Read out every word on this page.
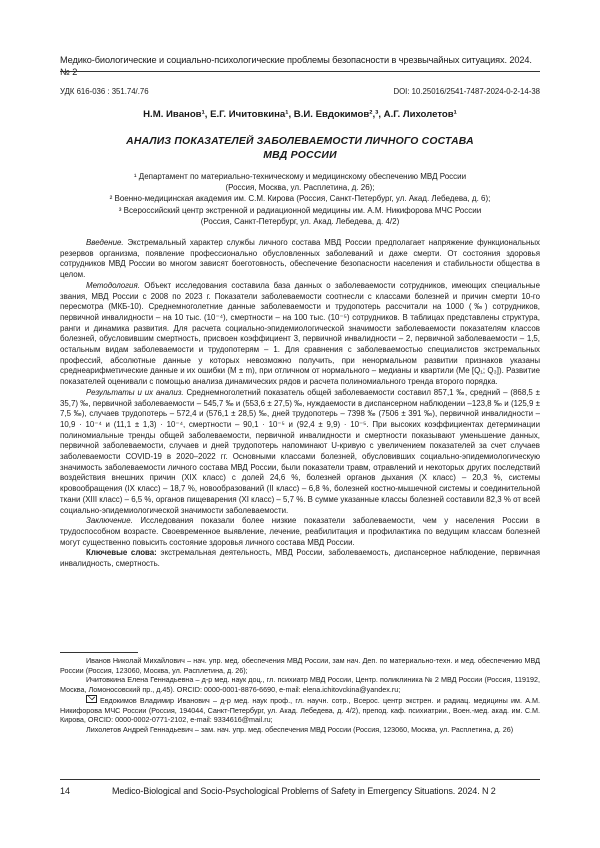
Медико-биологические и социально-психологические проблемы безопасности в чрезвычайных ситуациях. 2024. № 2
УДК 616-036 : 351.74/.76	DOI: 10.25016/2541-7487-2024-0-2-14-38
Н.М. Иванов¹, Е.Г. Ичитовкина¹, В.И. Евдокимов²,³, А.Г. Лихолетов¹
АНАЛИЗ ПОКАЗАТЕЛЕЙ ЗАБОЛЕВАЕМОСТИ ЛИЧНОГО СОСТАВА
МВД РОССИИ

¹ Департамент по материально-техническому и медицинскому обеспечению МВД России

(Россия, Москва, ул. Расплетина, д. 26);

² Военно-медицинская академия им. С.М. Кирова (Россия, Санкт-Петербург, ул. Акад. Лебедева, д. 6);

³ Всероссийский центр экстренной и радиационной медицины им. А.М. Никифорова МЧС России

(Россия, Санкт-Петербург, ул. Акад. Лебедева, д. 4/2)

Введение. Экстремальный характер службы личного состава МВД России предполагает напряжение функциональных резервов организма, появление профессионально обусловленных заболеваний и даже смерти. От состояния здоровья сотрудников МВД России во многом зависят боеготовность, обеспечение безопасности населения и стабильности общества в целом.

Методология. Объект исследования составила база данных о заболеваемости сотрудников, имеющих специальные звания, МВД России с 2008 по 2023 г. Показатели заболеваемости соотнесли с классами болезней и причин смерти 10-го пересмотра (МКБ-10). Среднемноголетние данные заболеваемости и трудопотерь рассчитали на 1000 (‰) сотрудников, первичной инвалидности – на 10 тыс. (10⁻⁴), смертности – на 100 тыс. (10⁻⁵) сотрудников. В таблицах представлены структура, ранги и динамика развития. Для расчета социально-эпидемиологической значимости заболеваемости показателям классов болезней, обусловившим смертность, присвоен коэффициент 3, первичной инвалидности – 2, первичной заболеваемости – 1,5, остальным видам заболеваемости и трудопотерям – 1. Для сравнения с заболеваемостью специалистов экстремальных профессий, абсолютные данные у которых невозможно получить, при ненормальном развитии признаков указаны среднеарифметические данные и их ошибки (M ± m), при отличном от нормального – медианы и квартили (Me [Q₁; Q₃]). Развитие показателей оценивали с помощью анализа динамических рядов и расчета полиномиального тренда второго порядка.

Результаты и их анализ. Среднемноголетний показатель общей заболеваемости составил 857,1 ‰, средний – (868,5 ± 35,7) ‰, первичной заболеваемости – 545,7 ‰ и (553,6 ± 27,5) ‰, нуждаемости в диспансерном наблюдении –123,8 ‰ и (125,9 ± 7,5 ‰), случаев трудопотерь – 572,4 и (576,1 ± 28,5) ‰, дней трудопотерь – 7398 ‰ (7506 ± 391 ‰), первичной инвалидности – 10,9 · 10⁻⁴ и (11,1 ± 1,3) · 10⁻⁴, смертности – 90,1 · 10⁻⁵ и (92,4 ± 9,9) · 10⁻⁵. При высоких коэффициентах детерминации полиномиальные тренды общей заболеваемости, первичной инвалидности и смертности показывают уменьшение данных, первичной заболеваемости, случаев и дней трудопотерь напоминают U-кривую с увеличением показателей за счет случаев заболеваемости COVID-19 в 2020–2022 гг. Основными классами болезней, обусловивших социально-эпидемиологическую значимость заболеваемости личного состава МВД России, были показатели травм, отравлений и некоторых других последствий воздействия внешних причин (XIX класс) с долей 24,6 %, болезней органов дыхания (X класс) – 20,3 %, системы кровообращения (IX класс) – 18,7 %, новообразований (II класс) – 6,8 %, болезней костно-мышечной системы и соединительной ткани (XIII класс) – 6,5 %, органов пищеварения (XI класс) – 5,7 %. В сумме указанные классы болезней составили 82,3 % от всей социально-эпидемиологической значимости заболеваемости.

Заключение. Исследования показали более низкие показатели заболеваемости, чем у населения России в трудоспособном возрасте. Своевременное выявление, лечение, реабилитация и профилактика по ведущим классам болезней могут существенно повысить состояние здоровья личного состава МВД России.

Ключевые слова: экстремальная деятельность, МВД России, заболеваемость, диспансерное наблюдение, первичная инвалидность, смертность.

Иванов Николай Михайлович – нач. упр. мед. обеспечения МВД России, зам нач. Деп. по материально-техн. и мед. обеспечению МВД России (Россия, 123060, Москва, ул. Расплетина, д. 26);

Ичитовкина Елена Геннадьевна – д-р мед. наук доц., гл. психиатр МВД России, Центр. поликлиника № 2 МВД России (Россия, 119192, Москва, Ломоносовский пр., д.45). ORCID: 0000-0001-8876-6690, e-mail: elena.ichitovckina@yandex.ru;

Евдокимов Владимир Иванович – д-р мед. наук проф., гл. научн. сотр., Всерос. центр экстрен. и радиац. медицины им. А.М. Никифорова МЧС России (Россия, 194044, Санкт-Петербург, ул. Акад. Лебедева, д. 4/2), препод. каф. психиатрии., Воен.-мед. акад. им. С.М. Кирова, ORCID: 0000-0002-0771-2102, e-mail: 9334616@mail.ru;

Лихолетов Андрей Геннадьевич – зам. нач. упр. мед. обеспечения МВД России (Россия, 123060, Москва, ул. Расплетина, д. 26)

14	Medico-Biological and Socio-Psychological Problems of Safety in Emergency Situations. 2024. N 2
